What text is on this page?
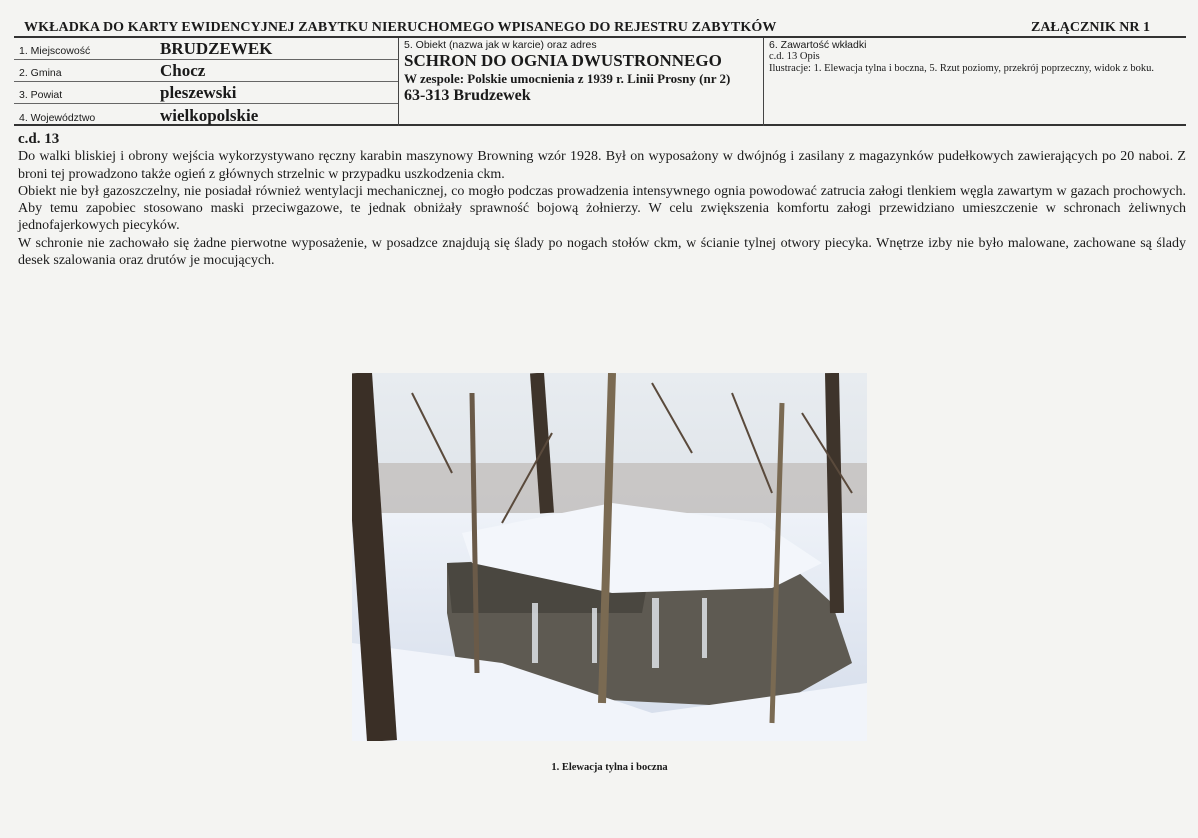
WKŁADKA DO KARTY EWIDENCYJNEJ ZABYTKU NIERUCHOMEGO WPISANEGO DO REJESTRU ZABYTKÓW	ZAŁĄCZNIK NR 1
1. Miejscowość	BRUDZEWEK
2. Gmina	Chocz
3. Powiat	pleszewski
4. Województwo	wielkopolskie
5. Obiekt (nazwa jak w karcie) oraz adres
SCHRON DO OGNIA DWUSTRONNEGO
W zespole: Polskie umocnienia z 1939 r. Linii Prosny (nr 2)
63-313 Brudzewek
6. Zawartość wkładki
c.d. 13 Opis
Ilustracje: 1. Elewacja tylna i boczna, 5. Rzut poziomy, przekrój poprzeczny, widok z boku.
c.d. 13

Do walki bliskiej i obrony wejścia wykorzystywano ręczny karabin maszynowy Browning wzór 1928. Był on wyposażony w dwójnóg i zasilany z magazynków pudełkowych zawierających po 20 naboi. Z broni tej prowadzono także ogień z głównych strzelnic w przypadku uszkodzenia ckm.

Obiekt nie był gazoszczelny, nie posiadał również wentylacji mechanicznej, co mogło podczas prowadzenia intensywnego ognia powodować zatrucia załogi tlenkiem węgla zawartym w gazach prochowych. Aby temu zapobiec stosowano maski przeciwgazowe, te jednak obniżały sprawność bojową żołnierzy. W celu zwiększenia komfortu załogi przewidziano umieszczenie w schronach żeliwnych jednofajerkowych piecyków.

W schronie nie zachowało się żadne pierwotne wyposażenie, w posadzce znajdują się ślady po nogach stołów ckm, w ścianie tylnej otwory piecyka. Wnętrze izby nie było malowane, zachowane są ślady desek szalowania oraz drutów je mocujących.

1. Elewacja tylna i boczna
